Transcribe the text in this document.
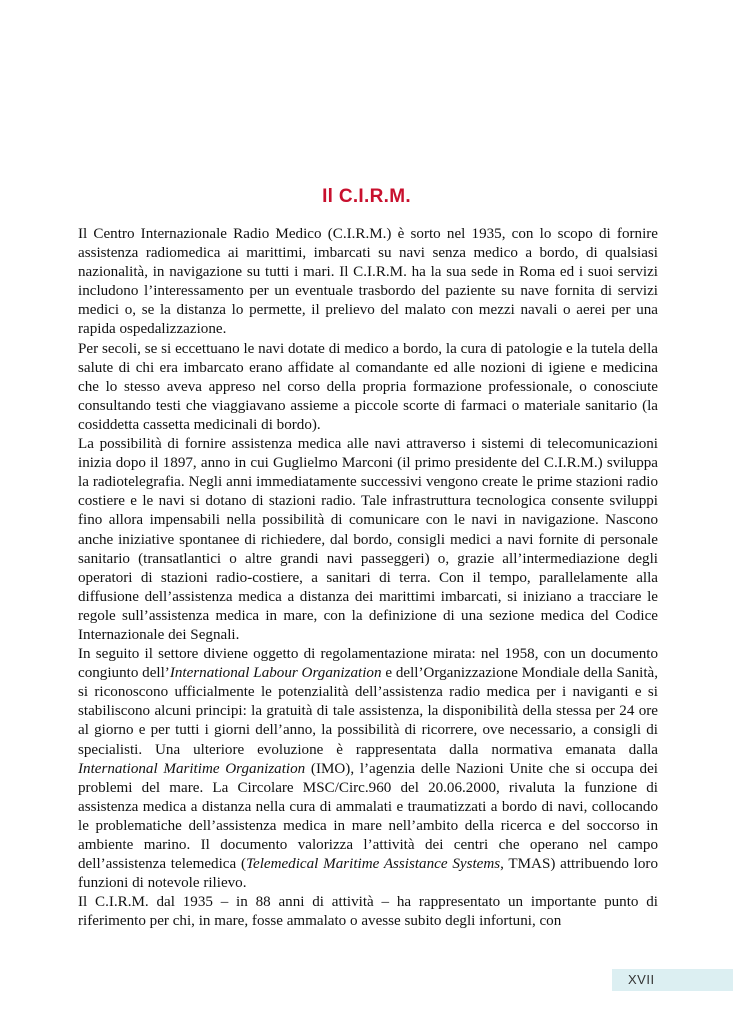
Il C.I.R.M.

Il Centro Internazionale Radio Medico (C.I.R.M.) è sorto nel 1935, con lo scopo di fornire assistenza radiomedica ai marittimi, imbarcati su navi senza medico a bordo, di qualsiasi nazionalità, in navigazione su tutti i mari. Il C.I.R.M. ha la sua sede in Roma ed i suoi servizi includono l’interessamento per un eventuale trasbordo del paziente su nave fornita di servizi medici o, se la distanza lo permette, il prelievo del malato con mezzi navali o aerei per una rapida ospedalizzazione.

Per secoli, se si eccettuano le navi dotate di medico a bordo, la cura di patologie e la tutela della salute di chi era imbarcato erano affidate al comandante ed alle nozioni di igiene e medicina che lo stesso aveva appreso nel corso della propria formazione professionale, o conosciute consultando testi che viaggiavano assieme a piccole scorte di farmaci o materiale sanitario (la cosiddetta cassetta medicinali di bordo).

La possibilità di fornire assistenza medica alle navi attraverso i sistemi di telecomunicazioni inizia dopo il 1897, anno in cui Guglielmo Marconi (il primo presidente del C.I.R.M.) sviluppa la radiotelegrafia. Negli anni immediatamente successivi vengono create le prime stazioni radio costiere e le navi si dotano di stazioni radio. Tale infrastruttura tecnologica consente sviluppi fino allora impensabili nella possibilità di comunicare con le navi in navigazione. Nascono anche iniziative spontanee di richiedere, dal bordo, consigli medici a navi fornite di personale sanitario (transatlantici o altre grandi navi passeggeri) o, grazie all’intermediazione degli operatori di stazioni radio-costiere, a sanitari di terra. Con il tempo, parallelamente alla diffusione dell’assistenza medica a distanza dei marittimi imbarcati, si iniziano a tracciare le regole sull’assistenza medica in mare, con la definizione di una sezione medica del Codice Internazionale dei Segnali.

In seguito il settore diviene oggetto di regolamentazione mirata: nel 1958, con un documento congiunto dell’International Labour Organization e dell’Organizzazione Mondiale della Sanità, si riconoscono ufficialmente le potenzialità dell’assistenza radio medica per i naviganti e si stabiliscono alcuni principi: la gratuità di tale assistenza, la disponibilità della stessa per 24 ore al giorno e per tutti i giorni dell’anno, la possibilità di ricorrere, ove necessario, a consigli di specialisti. Una ulteriore evoluzione è rappresentata dalla normativa emanata dalla International Maritime Organization (IMO), l’agenzia delle Nazioni Unite che si occupa dei problemi del mare. La Circolare MSC/Circ.960 del 20.06.2000, rivaluta la funzione di assistenza medica a distanza nella cura di ammalati e traumatizzati a bordo di navi, collocando le problematiche dell’assistenza medica in mare nell’ambito della ricerca e del soccorso in ambiente marino. Il documento valorizza l’attività dei centri che operano nel campo dell’assistenza telemedica (Telemedical Maritime Assistance Systems, TMAS) attribuendo loro funzioni di notevole rilievo.

Il C.I.R.M. dal 1935 – in 88 anni di attività – ha rappresentato un importante punto di riferimento per chi, in mare, fosse ammalato o avesse subito degli infortuni, con

XVII
